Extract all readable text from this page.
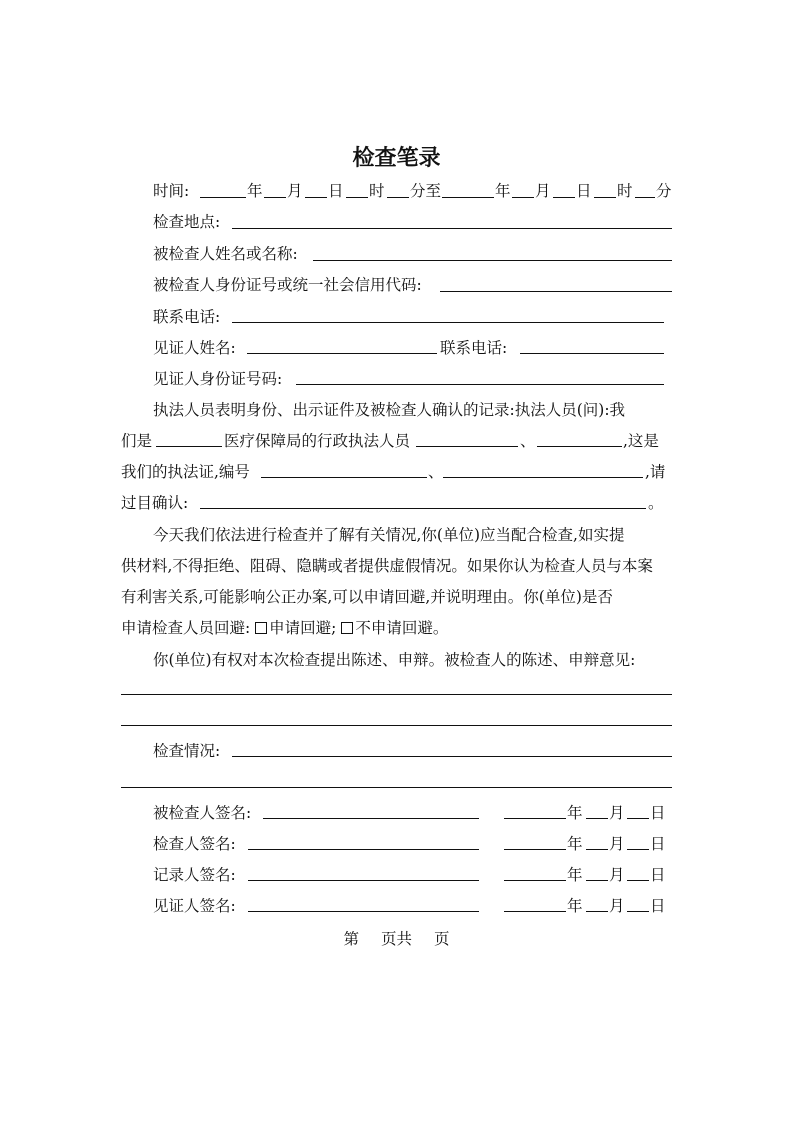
检查笔录
时间:	年 月 日 时 分至	年 月 日 时 分
检查地点:
被检查人姓名或名称:
被检查人身份证号或统一社会信用代码:
联系电话:
见证人姓名:	联系电话:
见证人身份证号码:
执法人员表明身份、出示证件及被检查人确认的记录:执法人员(问):我
们是	医疗保障局的行政执法人员	、	,这是
我们的执法证,编号	、	,请
过目确认:	。
今天我们依法进行检查并了解有关情况,你(单位)应当配合检查,如实提
供材料,不得拒绝、阻碍、隐瞒或者提供虚假情况。如果你认为检查人员与本案
有利害关系,可能影响公正办案,可以申请回避,并说明理由。你(单位)是否
申请检查人员回避: 申请回避; 不申请回避。
你(单位)有权对本次检查提出陈述、申辩。被检查人的陈述、申辩意见:
检查情况:
被检查人签名:	年 月 日
检查人签名:	年 月 日
记录人签名:	年 月 日
见证人签名:	年 月 日
第 页共 页
